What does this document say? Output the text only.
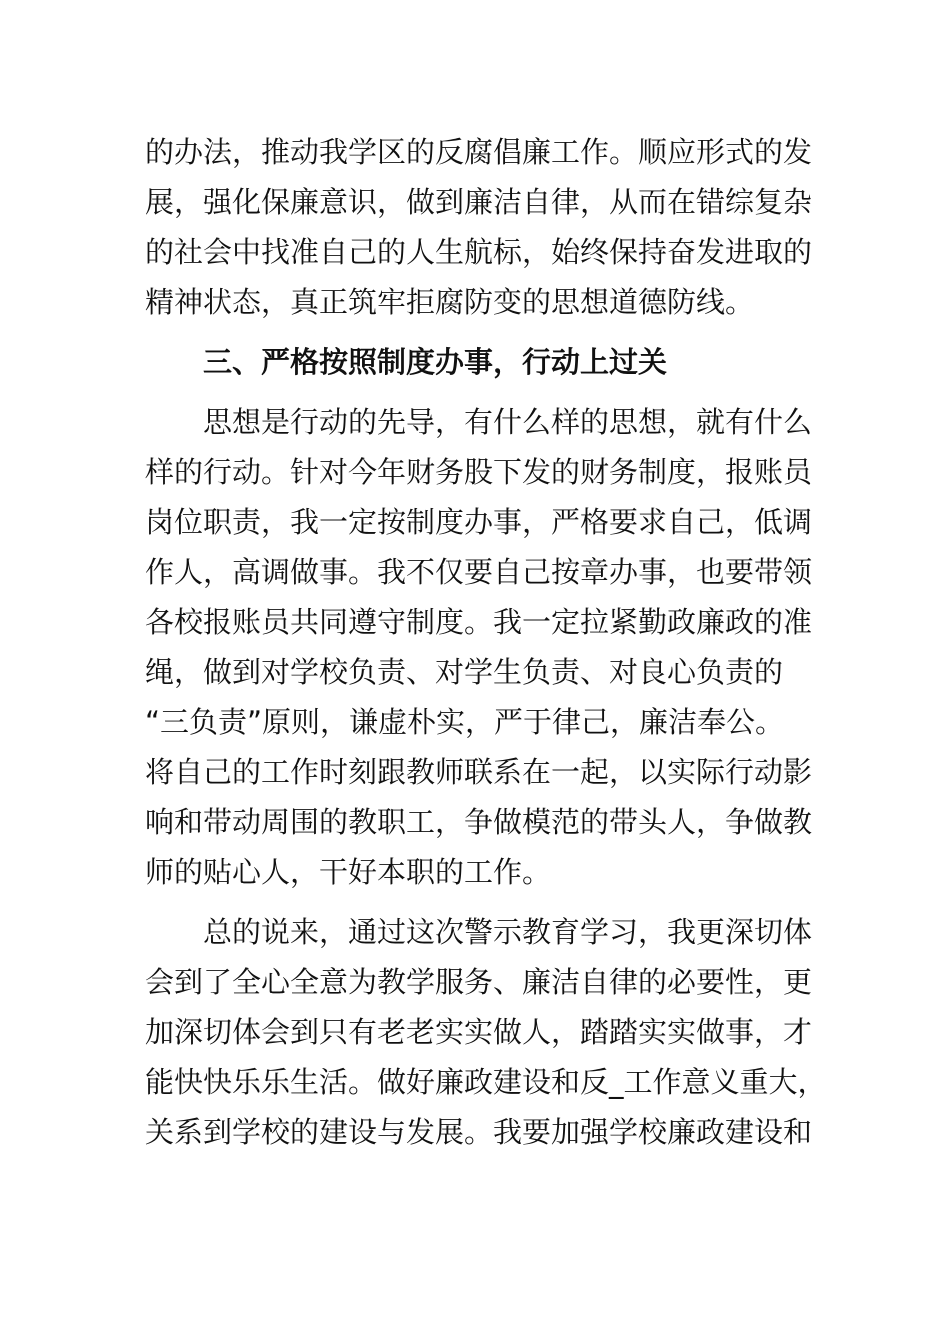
的办法，推动我学区的反腐倡廉工作。顺应形式的发
展，强化保廉意识，做到廉洁自律，从而在错综复杂
的社会中找准自己的人生航标，始终保持奋发进取的
精神状态，真正筑牢拒腐防变的思想道德防线。
三、严格按照制度办事，行动上过关
思想是行动的先导，有什么样的思想，就有什么
样的行动。针对今年财务股下发的财务制度，报账员
岗位职责，我一定按制度办事，严格要求自己，低调
作人，高调做事。我不仅要自己按章办事，也要带领
各校报账员共同遵守制度。我一定拉紧勤政廉政的准
绳，做到对学校负责、对学生负责、对良心负责的
“三负责”原则，谦虚朴实，严于律己，廉洁奉公。
将自己的工作时刻跟教师联系在一起，以实际行动影
响和带动周围的教职工，争做模范的带头人，争做教
师的贴心人，干好本职的工作。
总的说来，通过这次警示教育学习，我更深切体
会到了全心全意为教学服务、廉洁自律的必要性，更
加深切体会到只有老老实实做人，踏踏实实做事，才
能快快乐乐生活。做好廉政建设和反_工作意义重大，
关系到学校的建设与发展。我要加强学校廉政建设和
